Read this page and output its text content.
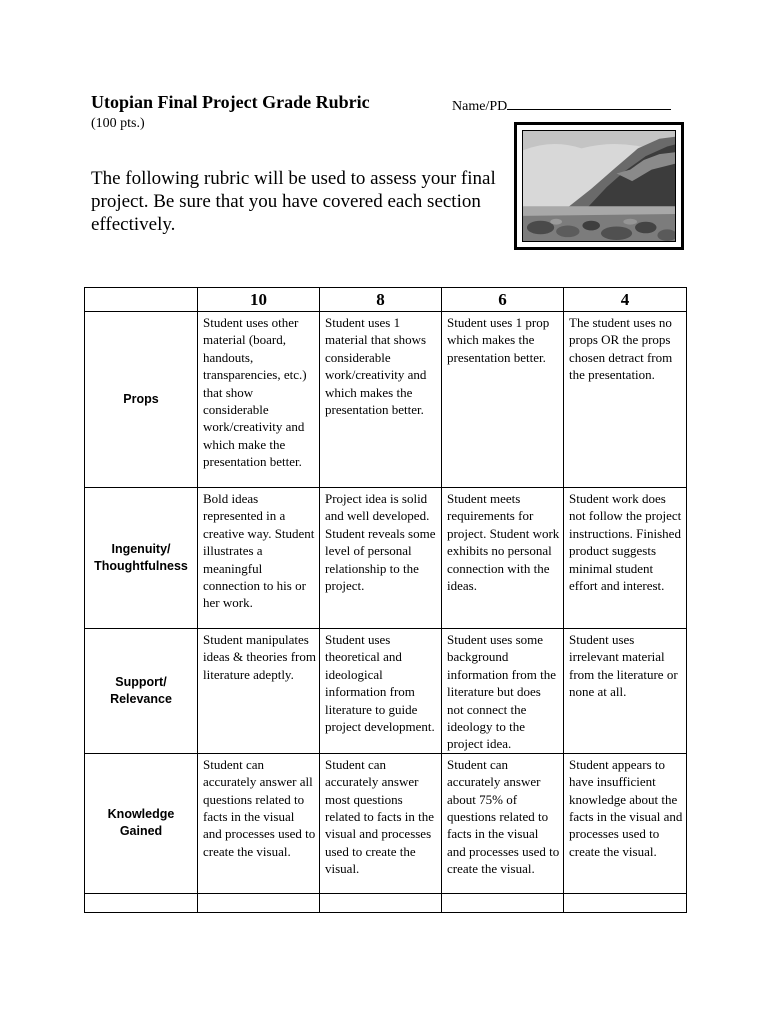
Utopian Final Project Grade Rubric	Name/PD
(100 pts.)
The following rubric will be used to assess your final project. Be sure that you have covered each section effectively.
	10	8	6	4
Props	Student uses other material (board, handouts, transparencies, etc.) that show considerable work/creativity and which make the presentation better.	Student uses 1 material that shows considerable work/creativity and which makes the presentation better.	Student uses 1 prop which makes the presentation better.	The student uses no props OR the props chosen detract from the presentation.
Ingenuity/ Thoughtfulness	Bold ideas represented in a creative way. Student illustrates a meaningful connection to his or her work.	Project idea is solid and well developed. Student reveals some level of personal relationship to the project.	Student meets requirements for project. Student work exhibits no personal connection with the ideas.	Student work does not follow the project instructions. Finished product suggests minimal student effort and interest.
Support/ Relevance	Student manipulates ideas & theories from literature adeptly.	Student uses theoretical and ideological information from literature to guide project development.	Student uses some background information from the literature but does not connect the ideology to the project idea.	Student uses irrelevant material from the literature or none at all.
Knowledge Gained	Student can accurately answer all questions related to facts in the visual and processes used to create the visual.	Student can accurately answer most questions related to facts in the visual and processes used to create the visual.	Student can accurately answer about 75% of questions related to facts in the visual and processes used to create the visual.	Student appears to have insufficient knowledge about the facts in the visual and processes used to create the visual.
